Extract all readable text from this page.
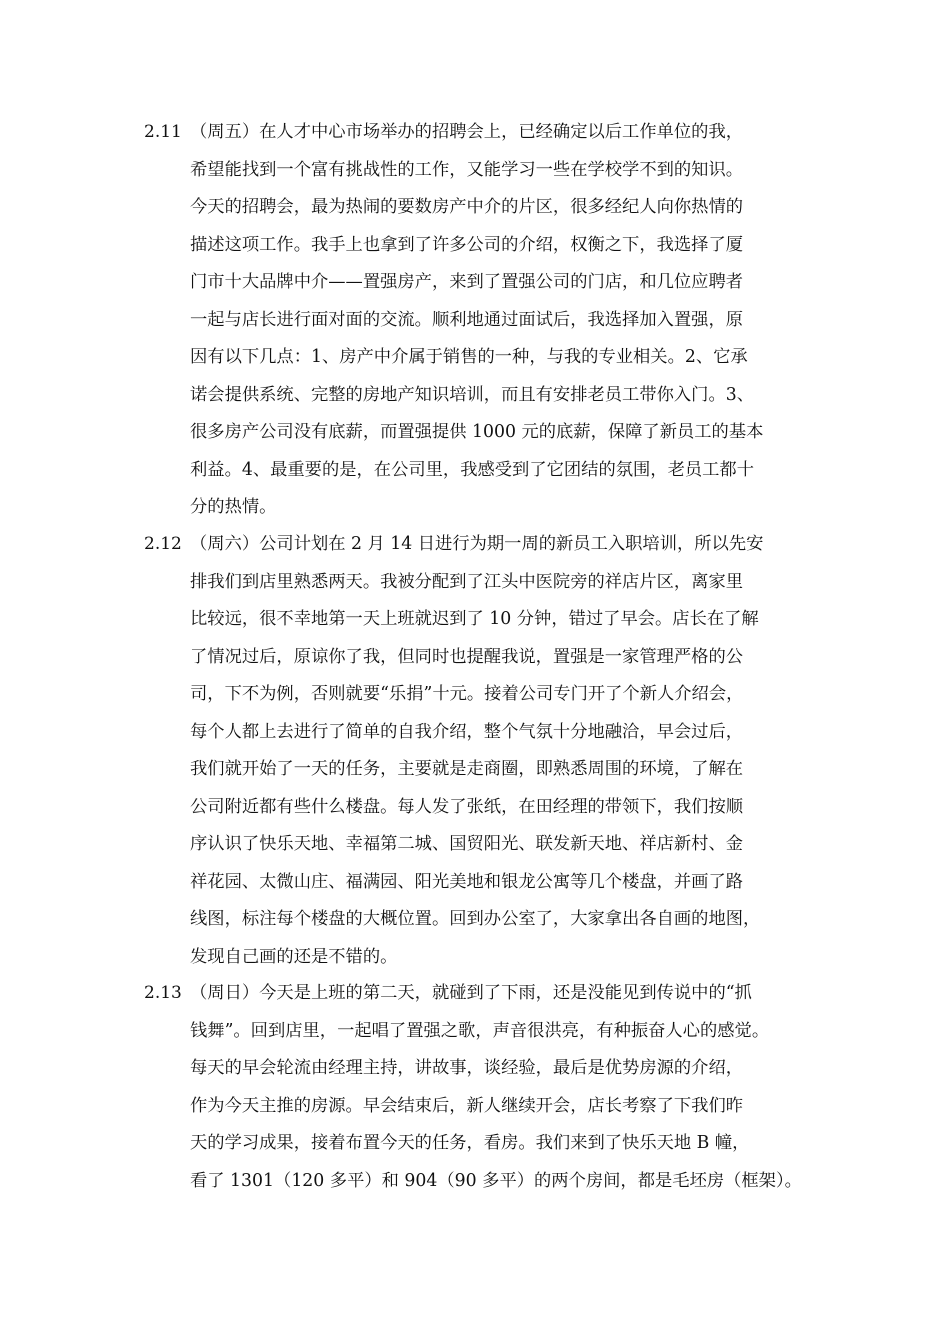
2.11 （周五）在人才中心市场举办的招聘会上，已经确定以后工作单位的我，
希望能找到一个富有挑战性的工作，又能学习一些在学校学不到的知识。
今天的招聘会，最为热闹的要数房产中介的片区，很多经纪人向你热情的
描述这项工作。我手上也拿到了许多公司的介绍，权衡之下，我选择了厦
门市十大品牌中介——置强房产，来到了置强公司的门店，和几位应聘者
一起与店长进行面对面的交流。顺利地通过面试后，我选择加入置强，原
因有以下几点：1、房产中介属于销售的一种，与我的专业相关。2、它承
诺会提供系统、完整的房地产知识培训，而且有安排老员工带你入门。3、
很多房产公司没有底薪，而置强提供 1000 元的底薪，保障了新员工的基本
利益。4、最重要的是，在公司里，我感受到了它团结的氛围，老员工都十
分的热情。
2.12 （周六）公司计划在 2 月 14 日进行为期一周的新员工入职培训，所以先安
排我们到店里熟悉两天。我被分配到了江头中医院旁的祥店片区，离家里
比较远，很不幸地第一天上班就迟到了 10 分钟，错过了早会。店长在了解
了情况过后，原谅你了我，但同时也提醒我说，置强是一家管理严格的公
司，下不为例，否则就要“乐捐”十元。接着公司专门开了个新人介绍会，
每个人都上去进行了简单的自我介绍，整个气氛十分地融洽，早会过后，
我们就开始了一天的任务，主要就是走商圈，即熟悉周围的环境，了解在
公司附近都有些什么楼盘。每人发了张纸，在田经理的带领下，我们按顺
序认识了快乐天地、幸福第二城、国贸阳光、联发新天地、祥店新村、金
祥花园、太微山庄、福满园、阳光美地和银龙公寓等几个楼盘，并画了路
线图，标注每个楼盘的大概位置。回到办公室了，大家拿出各自画的地图，
发现自己画的还是不错的。
2.13 （周日）今天是上班的第二天，就碰到了下雨，还是没能见到传说中的“抓
钱舞”。回到店里，一起唱了置强之歌，声音很洪亮，有种振奋人心的感觉。
每天的早会轮流由经理主持，讲故事，谈经验，最后是优势房源的介绍，
作为今天主推的房源。早会结束后，新人继续开会，店长考察了下我们昨
天的学习成果，接着布置今天的任务，看房。我们来到了快乐天地 B 幢，
看了 1301（120 多平）和 904（90 多平）的两个房间，都是毛坯房（框架）。
